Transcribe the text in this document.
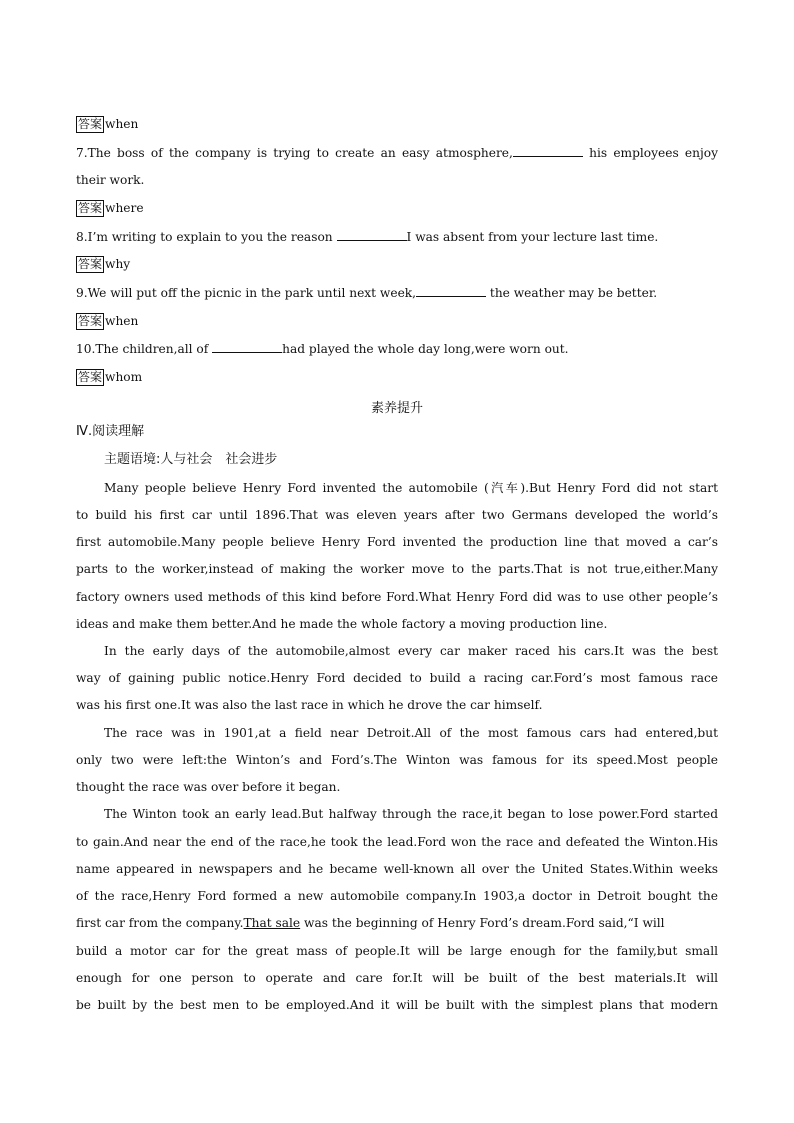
答案 when
7.The boss of the company is trying to create an easy atmosphere,	his employees enjoy
their work.
答案 where
8.I’m writing to explain to you the reason	I was absent from your lecture last time.
答案 why
9.We will put off the picnic in the park until next week,	the weather may be better.
答案 when
10.The children,all of	had played the whole day long,were worn out.
答案 whom
素养提升
Ⅳ.阅读理解
主题语境:人与社会　社会进步
Many people believe Henry Ford invented the automobile (汽车).But Henry Ford did not start
to build his first car until 1896.That was eleven years after two Germans developed the world’s
first automobile.Many people believe Henry Ford invented the production line that moved a car’s
parts to the worker,instead of making the worker move to the parts.That is not true,either.Many
factory owners used methods of this kind before Ford.What Henry Ford did was to use other people’s
ideas and make them better.And he made the whole factory a moving production line.
In the early days of the automobile,almost every car maker raced his cars.It was the best
way of gaining public notice.Henry Ford decided to build a racing car.Ford’s most famous race
was his first one.It was also the last race in which he drove the car himself.
The race was in 1901,at a field near Detroit.All of the most famous cars had entered,but
only two were left:the Winton’s and Ford’s.The Winton was famous for its speed.Most people
thought the race was over before it began.
The Winton took an early lead.But halfway through the race,it began to lose power.Ford started
to gain.And near the end of the race,he took the lead.Ford won the race and defeated the Winton.His
name appeared in newspapers and he became well-known all over the United States.Within weeks
of the race,Henry Ford formed a new automobile company.In 1903,a doctor in Detroit bought the
first car from the company.That sale was the beginning of Henry Ford’s dream.Ford said,“I will
build a motor car for the great mass of people.It will be large enough for the family,but small
enough for one person to operate and care for.It will be built of the best materials.It will
be built by the best men to be employed.And it will be built with the simplest plans that modern
